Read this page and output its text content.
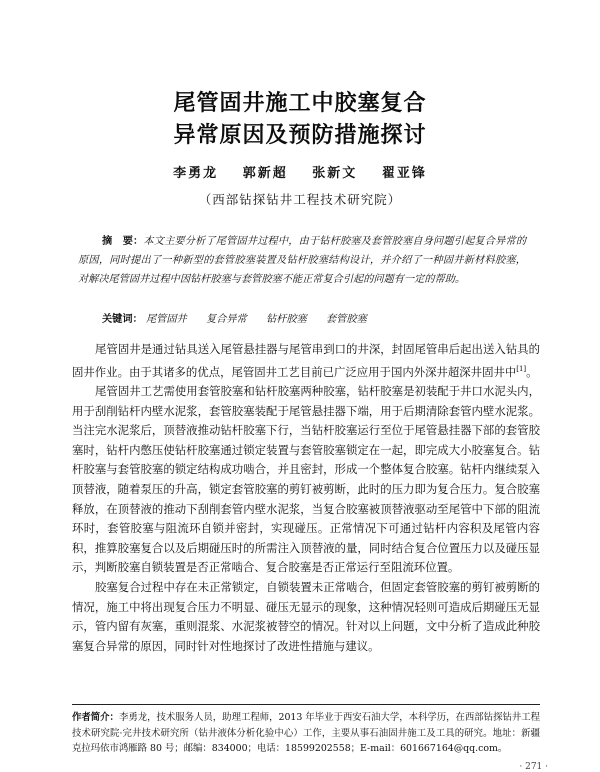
尾管固井施工中胶塞复合
异常原因及预防措施探讨
李勇龙 郭新超 张新文 翟亚锋
（西部钻探钻井工程技术研究院）
摘　要：本文主要分析了尾管固井过程中，由于钻杆胶塞及套管胶塞自身问题引起复合异常的原因，同时提出了一种新型的套管胶塞装置及钻杆胶塞结构设计，并介绍了一种固井新材料胶塞，对解决尾管固井过程中因钻杆胶塞与套管胶塞不能正常复合引起的问题有一定的帮助。
关键词： 尾管固井 复合异常 钻杆胶塞 套管胶塞

尾管固井是通过钻具送入尾管悬挂器与尾管串到口的井深，封固尾管串后起出送入钻具的固井作业。由于其诸多的优点，尾管固井工艺目前已广泛应用于国内外深井超深井固井中[1]。

尾管固井工艺需使用套管胶塞和钻杆胶塞两种胶塞，钻杆胶塞是初装配于井口水泥头内，用于刮削钻杆内壁水泥浆，套管胶塞装配于尾管悬挂器下端，用于后期清除套管内壁水泥浆。当注完水泥浆后，顶替液推动钻杆胶塞下行，当钻杆胶塞运行至位于尾管悬挂器下部的套管胶塞时，钻杆内憋压使钻杆胶塞通过锁定装置与套管胶塞锁定在一起，即完成大小胶塞复合。钻杆胶塞与套管胶塞的锁定结构成功啮合，并且密封，形成一个整体复合胶塞。钻杆内继续泵入顶替液，随着泵压的升高，锁定套管胶塞的剪钉被剪断，此时的压力即为复合压力。复合胶塞释放，在顶替液的推动下刮削套管内壁水泥浆，当复合胶塞被顶替液驱动至尾管中下部的阻流环时，套管胶塞与阻流环自锁并密封，实现碰压。正常情况下可通过钻杆内容积及尾管内容积，推算胶塞复合以及后期碰压时的所需注入顶替液的量，同时结合复合位置压力以及碰压显示，判断胶塞自锁装置是否正常啮合、复合胶塞是否正常运行至阻流环位置。

胶塞复合过程中存在未正常锁定，自锁装置未正常啮合，但固定套管胶塞的剪钉被剪断的情况，施工中将出现复合压力不明显、碰压无显示的现象，这种情况轻则可造成后期碰压无显示，管内留有灰塞，重则混浆、水泥浆被替空的情况。针对以上问题，文中分析了造成此种胶塞复合异常的原因，同时针对性地探讨了改进性措施与建议。

作者简介：李勇龙，技术服务人员，助理工程师，2013 年毕业于西安石油大学，本科学历，在西部钻探钻井工程技术研究院·完井技术研究所（钻井液体分析化验中心）工作，主要从事石油固井施工及工具的研究。地址：新疆克拉玛依市鸿雁路 80 号；邮编：834000；电话：18599202558；E-mail：601667164@qq.com。
· 271 ·
